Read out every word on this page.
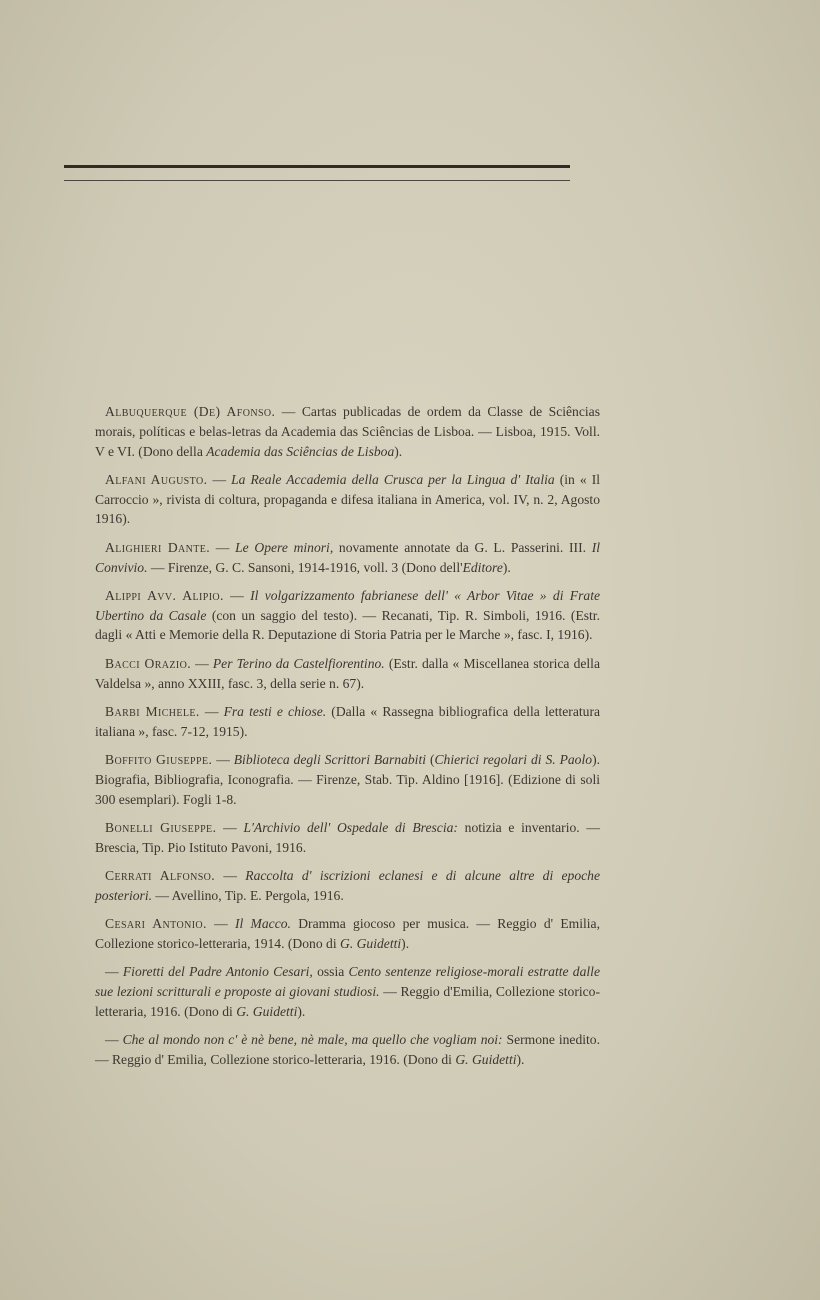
Albuquerque (De) Afonso. — Cartas publicadas de ordem da Classe de Sciências morais, políticas e belas-letras da Academia das Sciências de Lisboa. — Lisboa, 1915. Voll. V e VI. (Dono della Academia das Sciências de Lisboa).

Alfani Augusto. — La Reale Accademia della Crusca per la Lingua d' Italia (in « Il Carroccio », rivista di coltura, propaganda e difesa italiana in America, vol. IV, n. 2, Agosto 1916).

Alighieri Dante. — Le Opere minori, novamente annotate da G. L. Passerini. III. Il Convivio. — Firenze, G. C. Sansoni, 1914-1916, voll. 3 (Dono dell'Editore).

Alippi Avv. Alipio. — Il volgarizzamento fabrianese dell' « Arbor Vitae » di Frate Ubertino da Casale (con un saggio del testo). — Recanati, Tip. R. Simboli, 1916. (Estr. dagli « Atti e Memorie della R. Deputazione di Storia Patria per le Marche », fasc. I, 1916).

Bacci Orazio. — Per Terino da Castelfiorentino. (Estr. dalla « Miscellanea storica della Valdelsa », anno XXIII, fasc. 3, della serie n. 67).

Barbi Michele. — Fra testi e chiose. (Dalla « Rassegna bibliografica della letteratura italiana », fasc. 7-12, 1915).

Boffito Giuseppe. — Biblioteca degli Scrittori Barnabiti (Chierici regolari di S. Paolo). Biografia, Bibliografia, Iconografia. — Firenze, Stab. Tip. Aldino [1916]. (Edizione di soli 300 esemplari). Fogli 1-8.

Bonelli Giuseppe. — L'Archivio dell' Ospedale di Brescia: notizia e inventario. — Brescia, Tip. Pio Istituto Pavoni, 1916.

Cerrati Alfonso. — Raccolta d' iscrizioni eclanesi e di alcune altre di epoche posteriori. — Avellino, Tip. E. Pergola, 1916.

Cesari Antonio. — Il Macco. Dramma giocoso per musica. — Reggio d' Emilia, Collezione storico-letteraria, 1914. (Dono di G. Guidetti).

— Fioretti del Padre Antonio Cesari, ossia Cento sentenze religiose-morali estratte dalle sue lezioni scritturali e proposte ai giovani studiosi. — Reggio d'Emilia, Collezione storico-letteraria, 1916. (Dono di G. Guidetti).

— Che al mondo non c' è nè bene, nè male, ma quello che vogliam noi: Sermone inedito. — Reggio d' Emilia, Collezione storico-letteraria, 1916. (Dono di G. Guidetti).
